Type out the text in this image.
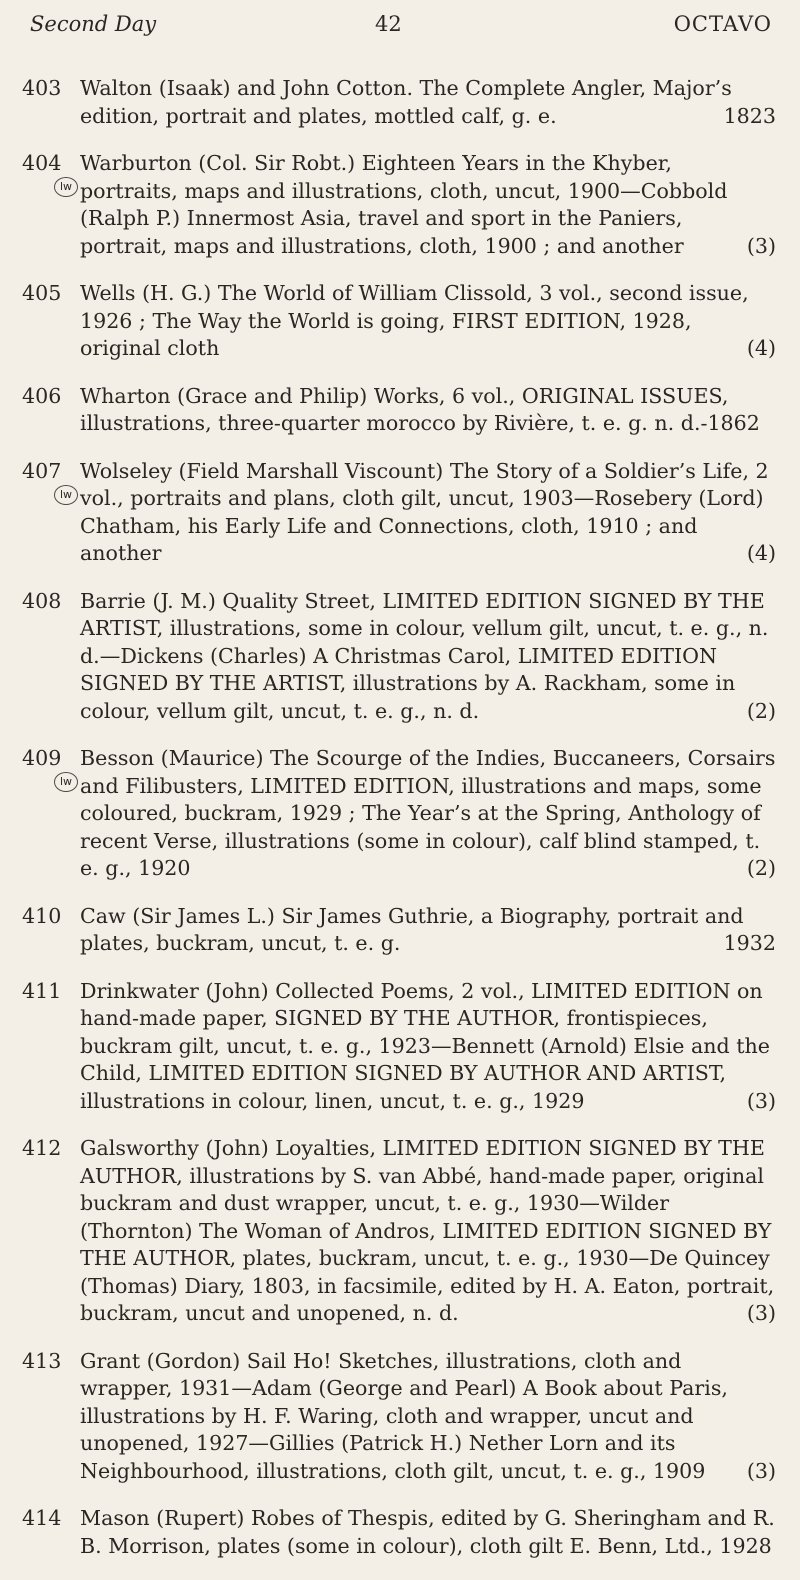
Second Day	42	OCTAVO
403 Walton (Isaak) and John Cotton. The Complete Angler, Major’s edition, portrait and plates, mottled calf, g. e.	1823
404
lw
Warburton (Col. Sir Robt.) Eighteen Years in the Khyber, portraits, maps and illustrations, cloth, uncut, 1900—Cobbold (Ralph P.) Innermost Asia, travel and sport in the Paniers, portrait, maps and illustrations, cloth, 1900 ; and another	(3)
405 Wells (H. G.) The World of William Clissold, 3 vol., second issue, 1926 ; The Way the World is going, FIRST EDITION, 1928, original cloth	(4)
406 Wharton (Grace and Philip) Works, 6 vol., ORIGINAL ISSUES, illustrations, three-quarter morocco by Rivière, t. e. g. n. d.-1862
407
lw
Wolseley (Field Marshall Viscount) The Story of a Soldier’s Life, 2 vol., portraits and plans, cloth gilt, uncut, 1903—Rosebery (Lord) Chatham, his Early Life and Connections, cloth, 1910 ; and another	(4)
408 Barrie (J. M.) Quality Street, LIMITED EDITION SIGNED BY THE ARTIST, illustrations, some in colour, vellum gilt, uncut, t. e. g., n. d.—Dickens (Charles) A Christmas Carol, LIMITED EDITION SIGNED BY THE ARTIST, illustrations by A. Rackham, some in colour, vellum gilt, uncut, t. e. g., n. d.	(2)
409
lw
Besson (Maurice) The Scourge of the Indies, Buccaneers, Corsairs and Filibusters, LIMITED EDITION, illustrations and maps, some coloured, buckram, 1929 ; The Year’s at the Spring, Anthology of recent Verse, illustrations (some in colour), calf blind stamped, t. e. g., 1920	(2)
410 Caw (Sir James L.) Sir James Guthrie, a Biography, portrait and plates, buckram, uncut, t. e. g.	1932
411 Drinkwater (John) Collected Poems, 2 vol., LIMITED EDITION on hand-made paper, SIGNED BY THE AUTHOR, frontispieces, buckram gilt, uncut, t. e. g., 1923—Bennett (Arnold) Elsie and the Child, LIMITED EDITION SIGNED BY AUTHOR AND ARTIST, illustrations in colour, linen, uncut, t. e. g., 1929	(3)
412 Galsworthy (John) Loyalties, LIMITED EDITION SIGNED BY THE AUTHOR, illustrations by S. van Abbé, hand-made paper, original buckram and dust wrapper, uncut, t. e. g., 1930—Wilder (Thornton) The Woman of Andros, LIMITED EDITION SIGNED BY THE AUTHOR, plates, buckram, uncut, t. e. g., 1930—De Quincey (Thomas) Diary, 1803, in facsimile, edited by H. A. Eaton, portrait, buckram, uncut and unopened, n. d.	(3)
413 Grant (Gordon) Sail Ho! Sketches, illustrations, cloth and wrapper, 1931—Adam (George and Pearl) A Book about Paris, illustrations by H. F. Waring, cloth and wrapper, uncut and unopened, 1927—Gillies (Patrick H.) Nether Lorn and its Neighbourhood, illustrations, cloth gilt, uncut, t. e. g., 1909	(3)
414 Mason (Rupert) Robes of Thespis, edited by G. Sheringham and R. B. Morrison, plates (some in colour), cloth gilt E. Benn, Ltd., 1928
